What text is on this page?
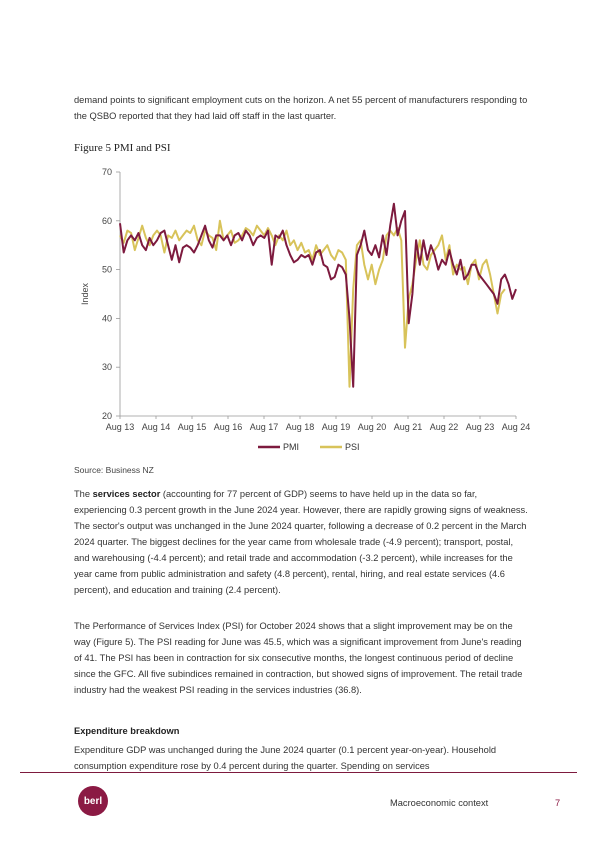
demand points to significant employment cuts on the horizon. A net 55 percent of manufacturers responding to the QSBO reported that they had laid off staff in the last quarter.

Figure 5 PMI and PSI

20
30
40
50
60
70
Index
Aug 13 Aug 14 Aug 15 Aug 16 Aug 17 Aug 18 Aug 19 Aug 20 Aug 21 Aug 22 Aug 23 Aug 24
PMI	PSI
Source: Business NZ

The services sector (accounting for 77 percent of GDP) seems to have held up in the data so far, experiencing 0.3 percent growth in the June 2024 year. However, there are rapidly growing signs of weakness. The sector's output was unchanged in the June 2024 quarter, following a decrease of 0.2 percent in the March 2024 quarter. The biggest declines for the year came from wholesale trade (-4.9 percent); transport, postal, and warehousing (-4.4 percent); and retail trade and accommodation (-3.2 percent), while increases for the year came from public administration and safety (4.8 percent), rental, hiring, and real estate services (4.6 percent), and education and training (2.4 percent).

The Performance of Services Index (PSI) for October 2024 shows that a slight improvement may be on the way (Figure 5). The PSI reading for June was 45.5, which was a significant improvement from June's reading of 41. The PSI has been in contraction for six consecutive months, the longest continuous period of decline since the GFC. All five subindices remained in contraction, but showed signs of improvement. The retail trade industry had the weakest PSI reading in the services industries (36.8).

Expenditure breakdown

Expenditure GDP was unchanged during the June 2024 quarter (0.1 percent year-on-year). Household consumption expenditure rose by 0.4 percent during the quarter. Spending on services

berl	Macroeconomic context	7
